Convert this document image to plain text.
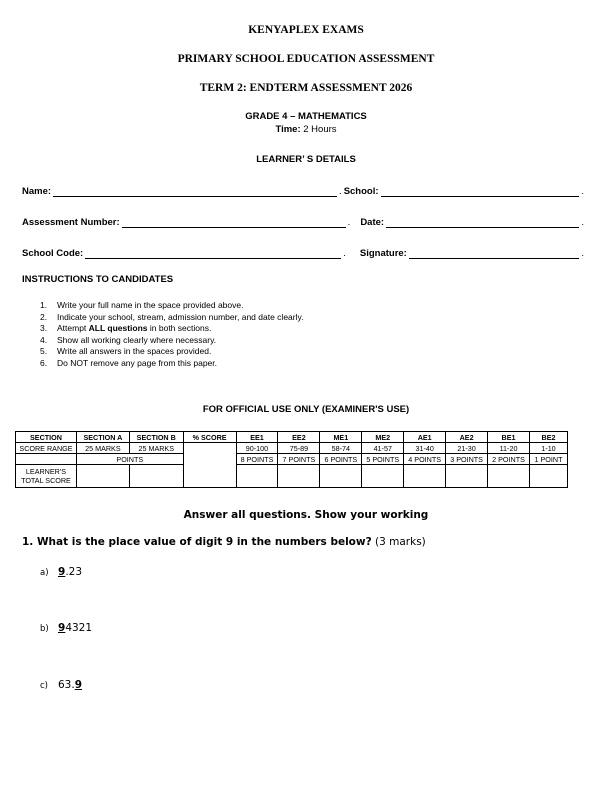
KENYAPLEX EXAMS
PRIMARY SCHOOL EDUCATION ASSESSMENT
TERM 2: ENDTERM ASSESSMENT 2026
GRADE 4 – MATHEMATICS
Time: 2 Hours
LEARNER’ S DETAILS
Name:	. School:	.
Assessment Number:	. Date:	.
School Code:	. Signature:	.
INSTRUCTIONS TO CANDIDATES
1. Write your full name in the space provided above.
2. Indicate your school, stream, admission number, and date clearly.
3. Attempt ALL questions in both sections.
4. Show all working clearly where necessary.
5. Write all answers in the spaces provided.
6. Do NOT remove any page from this paper.
FOR OFFICIAL USE ONLY (EXAMINER'S USE)
SECTION	SECTION A	SECTION B	% SCORE	EE1	EE2	ME1	ME2	AE1	AE2	BE1	BE2
SCORE RANGE	25 MARKS	25 MARKS		90-100	75-89	58-74	41-57	31-40	21-30	11-20	1-10
	POINTS			8 POINTS	7 POINTS	6 POINTS	5 POINTS	4 POINTS	3 POINTS	2 POINTS	1 POINT
LEARNER'S
TOTAL SCORE											
Answer all questions. Show your working
1. What is the place value of digit 9 in the numbers below? (3 marks)
a) 9.23
b) 94321
c) 63.9
